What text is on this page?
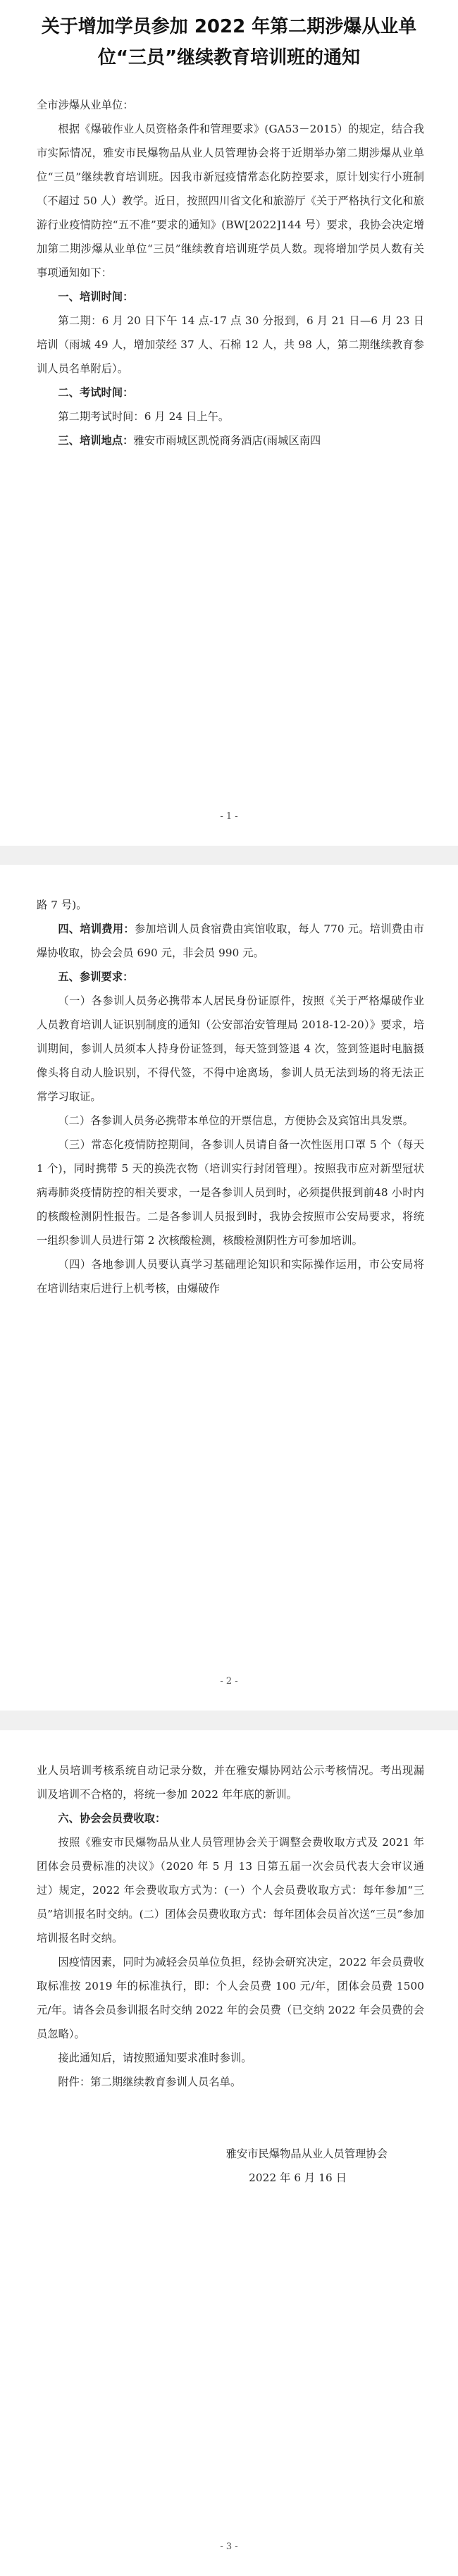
关于增加学员参加 2022 年第二期涉爆从业单位“三员”继续教育培训班的通知

全市涉爆从业单位：

根据《爆破作业人员资格条件和管理要求》(GA53－2015）的规定，结合我市实际情况，雅安市民爆物品从业人员管理协会将于近期举办第二期涉爆从业单位“三员”继续教育培训班。因我市新冠疫情常态化防控要求，原计划实行小班制（不超过 50 人）教学。近日，按照四川省文化和旅游厅《关于严格执行文化和旅游行业疫情防控“五不准”要求的通知》(BW[2022]144 号）要求，我协会决定增加第二期涉爆从业单位“三员”继续教育培训班学员人数。现将增加学员人数有关事项通知如下：

一、培训时间：

第二期：6 月 20 日下午 14 点-17 点 30 分报到，6 月 21 日—6 月 23 日培训（雨城 49 人，增加荥经 37 人、石棉 12 人，共 98 人，第二期继续教育参训人员名单附后）。

二、考试时间：

第二期考试时间：6 月 24 日上午。

三、培训地点：雅安市雨城区凯悦商务酒店(雨城区南四

- 1 -

路 7 号)。

四、培训费用：参加培训人员食宿费由宾馆收取，每人 770 元。培训费由市爆协收取，协会会员 690 元，非会员 990 元。

五、参训要求：

（一）各参训人员务必携带本人居民身份证原件，按照《关于严格爆破作业人员教育培训人证识别制度的通知（公安部治安管理局 2018-12-20）》要求，培训期间，参训人员须本人持身份证签到，每天签到签退 4 次，签到签退时电脑摄像头将自动人脸识别，不得代签，不得中途离场，参训人员无法到场的将无法正常学习取证。

（二）各参训人员务必携带本单位的开票信息，方便协会及宾馆出具发票。

（三）常态化疫情防控期间，各参训人员请自备一次性医用口罩 5 个（每天 1 个)，同时携带 5 天的换洗衣物（培训实行封闭管理）。按照我市应对新型冠状病毒肺炎疫情防控的相关要求，一是各参训人员到时，必须提供报到前48 小时内的核酸检测阴性报告。二是各参训人员报到时，我协会按照市公安局要求，将统一组织参训人员进行第 2 次核酸检测，核酸检测阴性方可参加培训。

（四）各地参训人员要认真学习基础理论知识和实际操作运用，市公安局将在培训结束后进行上机考核，由爆破作

- 2 -

业人员培训考核系统自动记录分数，并在雅安爆协网站公示考核情况。考出现漏训及培训不合格的，将统一参加 2022 年年底的新训。

六、协会会员费收取：

按照《雅安市民爆物品从业人员管理协会关于调整会费收取方式及 2021 年团体会员费标准的决议》（2020 年 5 月 13 日第五届一次会员代表大会审议通过）规定，2022 年会费收取方式为：(一）个人会员费收取方式：每年参加“三员”培训报名时交纳。(二）团体会员费收取方式：每年团体会员首次送“三员”参加培训报名时交纳。

因疫情因素，同时为减轻会员单位负担，经协会研究决定，2022 年会员费收取标准按 2019 年的标准执行，即：个人会员费 100 元/年，团体会员费 1500 元/年。请各会员参训报名时交纳 2022 年的会员费（已交纳 2022 年会员费的会员忽略）。

接此通知后，请按照通知要求准时参训。

附件：第二期继续教育参训人员名单。

雅安市民爆物品从业人员管理协会

2022 年 6 月 16 日

- 3 -
